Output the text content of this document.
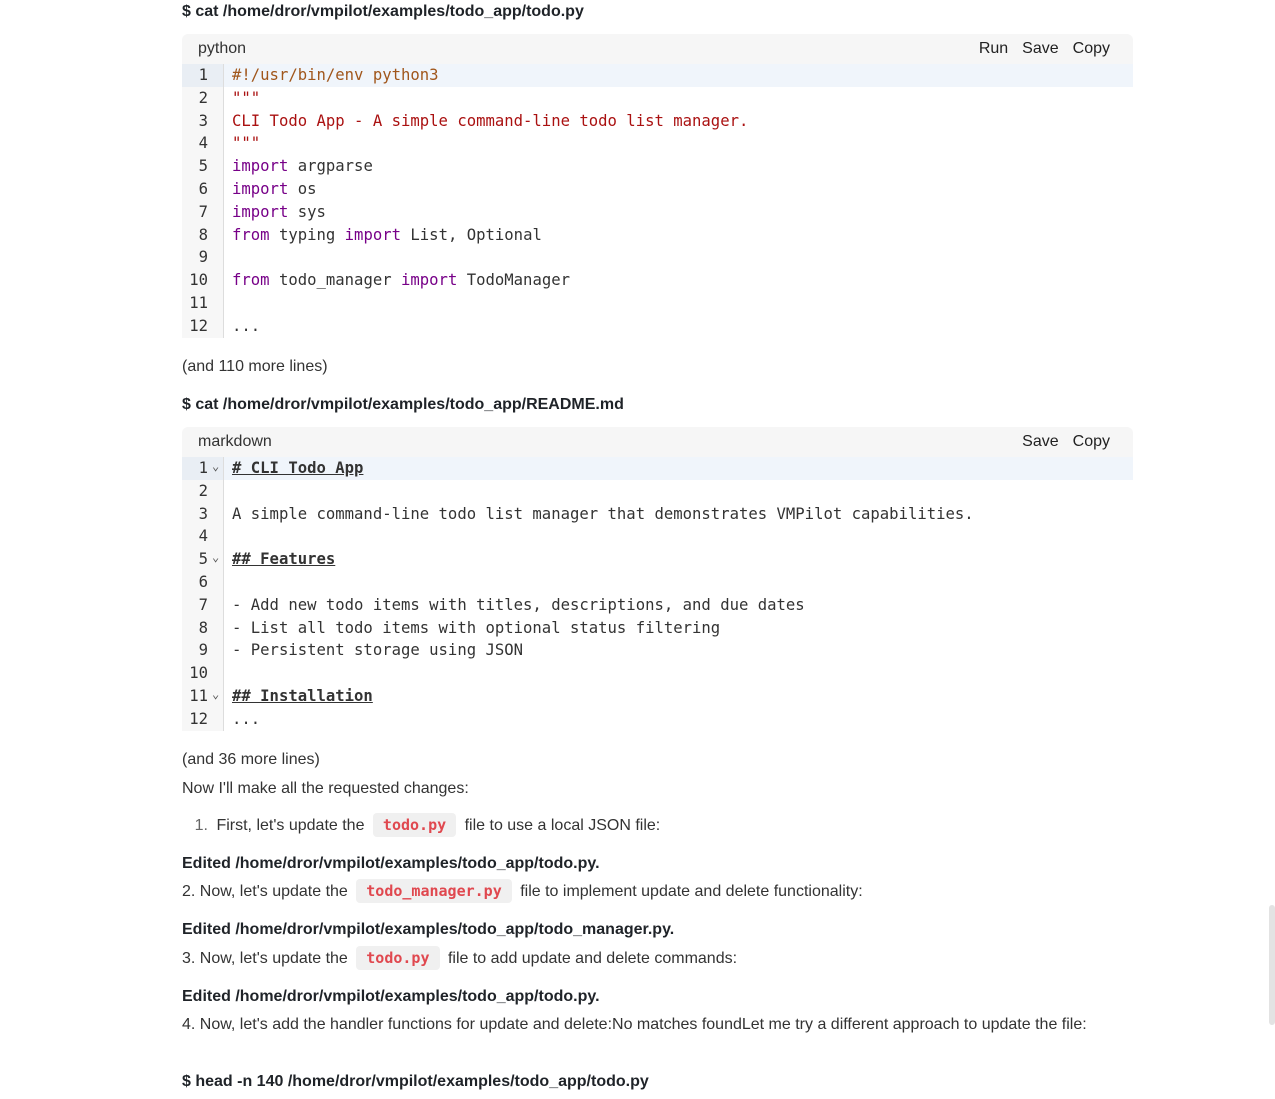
$ cat /home/dror/vmpilot/examples/todo_app/todo.py
python	Run Save Copy
1	#!/usr/bin/env python3
2	"""
3	CLI Todo App - A simple command-line todo list manager.
4	"""
5	import argparse
6	import os
7	import sys
8	from typing import List, Optional
9
10	from todo_manager import TodoManager
11
12	...
(and 110 more lines)
$ cat /home/dror/vmpilot/examples/todo_app/README.md
markdown	Save Copy
1 ⌄ # CLI Todo App
2
3	A simple command-line todo list manager that demonstrates VMPilot capabilities.
4
5 ⌄ ## Features
6
7	- Add new todo items with titles, descriptions, and due dates
8	- List all todo items with optional status filtering
9	- Persistent storage using JSON
10
11 ⌄ ## Installation
12	...
(and 36 more lines)
Now I'll make all the requested changes:
1. First, let's update the todo.py file to use a local JSON file:
Edited /home/dror/vmpilot/examples/todo_app/todo.py.
2. Now, let's update the todo_manager.py file to implement update and delete functionality:
Edited /home/dror/vmpilot/examples/todo_app/todo_manager.py.
3. Now, let's update the todo.py file to add update and delete commands:
Edited /home/dror/vmpilot/examples/todo_app/todo.py.
4. Now, let's add the handler functions for update and delete:No matches foundLet me try a different approach to update the file:
$ head -n 140 /home/dror/vmpilot/examples/todo_app/todo.py
